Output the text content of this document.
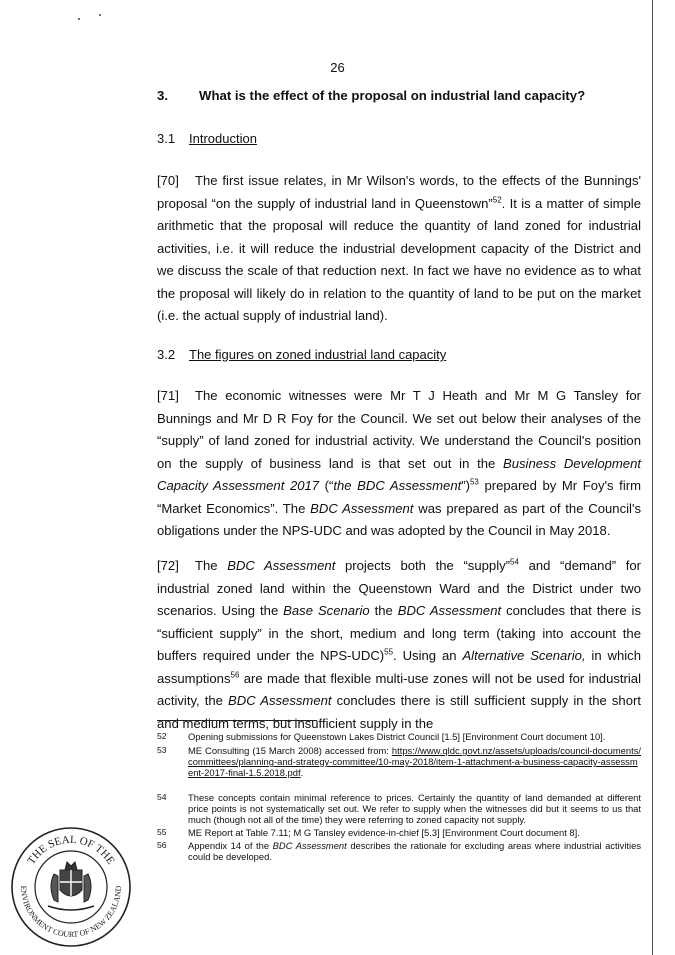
26
3. What is the effect of the proposal on industrial land capacity?
3.1 Introduction

[70] The first issue relates, in Mr Wilson's words, to the effects of the Bunnings' proposal “on the supply of industrial land in Queenstown”$^{52}$. It is a matter of simple arithmetic that the proposal will reduce the quantity of land zoned for industrial activities, i.e. it will reduce the industrial development capacity of the District and we discuss the scale of that reduction next. In fact we have no evidence as to what the proposal will likely do in relation to the quantity of land to be put on the market (i.e. the actual supply of industrial land).

3.2 The figures on zoned industrial land capacity

[71] The economic witnesses were Mr T J Heath and Mr M G Tansley for Bunnings and Mr D R Foy for the Council. We set out below their analyses of the “supply” of land zoned for industrial activity. We understand the Council's position on the supply of business land is that set out in the Business Development Capacity Assessment 2017 (“the BDC Assessment”)$^{53}$ prepared by Mr Foy's firm “Market Economics”. The BDC Assessment was prepared as part of the Council's obligations under the NPS-UDC and was adopted by the Council in May 2018.

[72] The BDC Assessment projects both the “supply”$^{54}$ and “demand” for industrial zoned land within the Queenstown Ward and the District under two scenarios. Using the Base Scenario the BDC Assessment concludes that there is “sufficient supply” in the short, medium and long term (taking into account the buffers required under the NPS-UDC)$^{55}$. Using an Alternative Scenario, in which assumptions$^{56}$ are made that flexible multi-use zones will not be used for industrial activity, the BDC Assessment concludes there is still sufficient supply in the short and medium terms, but insufficient supply in the

52 Opening submissions for Queenstown Lakes District Council [1.5] [Environment Court document 10].
53 ME Consulting (15 March 2008) accessed from: https://www.qldc.govt.nz/assets/uploads/council-documents/committees/planning-and-strategy-committee/10-may-2018/item-1-attachment-a-business-capacity-assessment-2017-final-1.5.2018.pdf.
54 These concepts contain minimal reference to prices. Certainly the quantity of land demanded at different price points is not systematically set out. We refer to supply when the witnesses did but it seems to us that much (though not all of the time) they were referring to zoned capacity not supply.
55 ME Report at Table 7.11; M G Tansley evidence-in-chief [5.3] [Environment Court document 8].
56 Appendix 14 of the BDC Assessment describes the rationale for excluding areas where industrial activities could be developed.
THE SEAL OF THE
ENVIRONMENT COURT OF NEW ZEALAND
